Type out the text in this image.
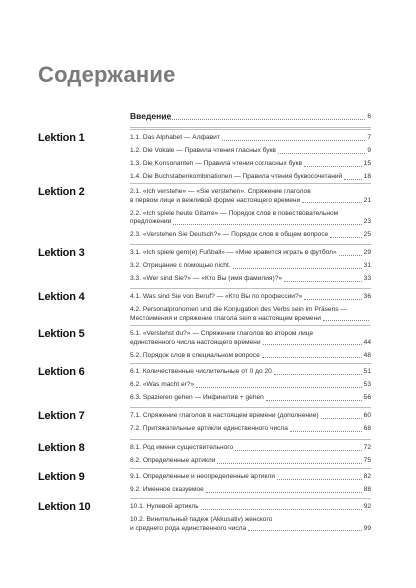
Содержание
Введение	6
Lektion 1	1.1. Das Alphabet — Алфавит	7
1.2. Die Vokale — Правила чтения гласных букв	9
1.3. Die Konsonanten — Правила чтения согласных букв	15
1.4. Die Buchstabenkombinationen — Правила чтения буквосочетаний	18
Lektion 2	2.1. «Ich verstehe» — «Sie verstehen». Спряжение глаголов
в первом лице и вежливой форме настоящего времени	21
2.2. «Ich spiele heute Gitarre» — Порядок слов в повествовательном
предложении	23
2.3. «Verstehen Sie Deutsch?» — Порядок слов в общем вопросе	25
Lektion 3	3.1. «Ich spiele gern(e) Fußball» — «Мне нравится играть в футбол»	29
3.2. Отрицание с помощью nicht.	31
3.3. «Wer sind Sie?» — «Кто Вы (имя фамилия)?»	33
Lektion 4	4.1. Was sind Sie von Beruf? — «Кто Вы по профессии?»	36
4.2. Personalpronomen und die Konjugation des Verbs sein im Präsens —
Местоимения и спряжение глагола sein в настоящем времени
Lektion 5	5.1. «Verstehst du?» — Спряжение глаголов во втором лице
единственного числа настоящего времени	44
5.2. Порядок слов в специальном вопросе	48
Lektion 6	6.1. Количественные числительные от 0 до 20	51
6.2. «Was macht er?»	53
6.3. Spazieren gehen — Инфинитив + gehen	56
Lektion 7	7.1. Спряжение глаголов в настоящем времени (дополнение)	60
7.2. Притяжательные артикли единственного числа	68
Lektion 8	8.1. Род имени существительного	72
8.2. Определенные артикли	75
Lektion 9	9.1. Определенные и неопределенные артикли	82
9.2. Именное сказуемое	88
Lektion 10	10.1. Нулевой артикль	92
10.2. Винительный падеж (Akkusativ) женского
и среднего рода единственного числа	99
